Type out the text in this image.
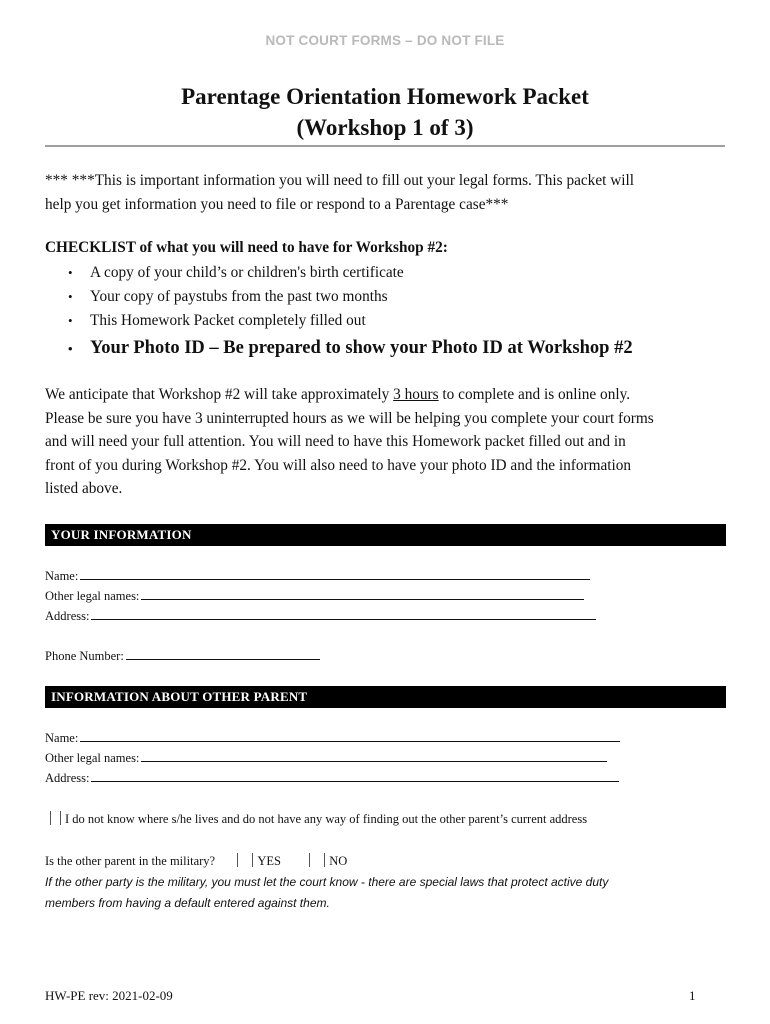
NOT COURT FORMS – DO NOT FILE
Parentage Orientation Homework Packet
(Workshop 1 of 3)
*** ***This is important information you will need to fill out your legal forms. This packet will
help you get information you need to file or respond to a Parentage case***
CHECKLIST of what you will need to have for Workshop #2:
• A copy of your child’s or children's birth certificate
• Your copy of paystubs from the past two months
• This Homework Packet completely filled out
• Your Photo ID – Be prepared to show your Photo ID at Workshop #2
We anticipate that Workshop #2 will take approximately 3 hours to complete and is online only.
Please be sure you have 3 uninterrupted hours as we will be helping you complete your court forms
and will need your full attention. You will need to have this Homework packet filled out and in
front of you during Workshop #2. You will also need to have your photo ID and the information
listed above.
YOUR INFORMATION
Name:
Other legal names:
Address:
Phone Number:
INFORMATION ABOUT OTHER PARENT
Name:
Other legal names:
Address:
I do not know where s/he lives and do not have any way of finding out the other parent’s current address
Is the other parent in the military?	YES	NO
If the other party is the military, you must let the court know - there are special laws that protect active duty
members from having a default entered against them.
HW-PE rev: 2021-02-09	1
